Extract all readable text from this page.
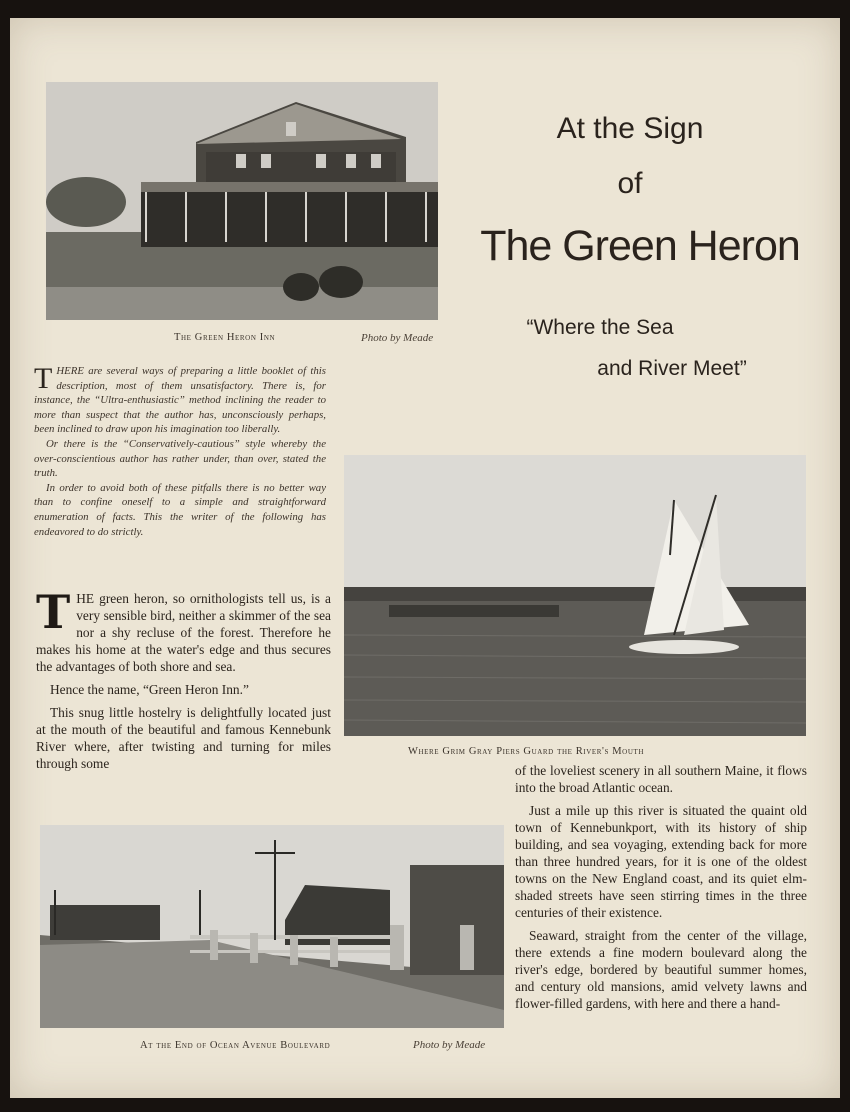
The Green Heron Inn	Photo by Meade
At the Sign
of
The Green Heron
“Where the Sea
and River Meet”

THERE are several ways of preparing a little booklet of this description, most of them unsatisfactory. There is, for instance, the “Ultra-enthusiastic” method inclining the reader to more than suspect that the author has, unconsciously perhaps, been inclined to draw upon his imagination too liberally.

Or there is the “Conservatively-cautious” style whereby the over-conscientious author has rather under, than over, stated the truth.

In order to avoid both of these pitfalls there is no better way than to confine oneself to a simple and straightforward enumeration of facts. This the writer of the following has endeavored to do strictly.

Where Grim Gray Piers Guard the River's Mouth

THE green heron, so ornithologists tell us, is a very sensible bird, neither a skimmer of the sea nor a shy recluse of the forest. Therefore he makes his home at the water's edge and thus secures the advantages of both shore and sea.

Hence the name, “Green Heron Inn.”

This snug little hostelry is delightfully located just at the mouth of the beautiful and famous Kennebunk River where, after twisting and turning for miles through some	of the loveliest scenery in all southern Maine, it flows into the broad Atlantic ocean.

Just a mile up this river is situated the quaint old town of Kennebunkport, with its history of ship building, and sea voyaging, extending back for more than three hundred years, for it is one of the oldest towns on the New England coast, and its quiet elm-shaded streets have seen stirring times in the three centuries of their existence.

Seaward, straight from the center of the village, there extends a fine modern boulevard along the river's edge, bordered by beautiful summer homes, and century old mansions, amid velvety lawns and flower-filled gardens, with here and there a hand-

At the End of Ocean Avenue Boulevard	Photo by Meade
